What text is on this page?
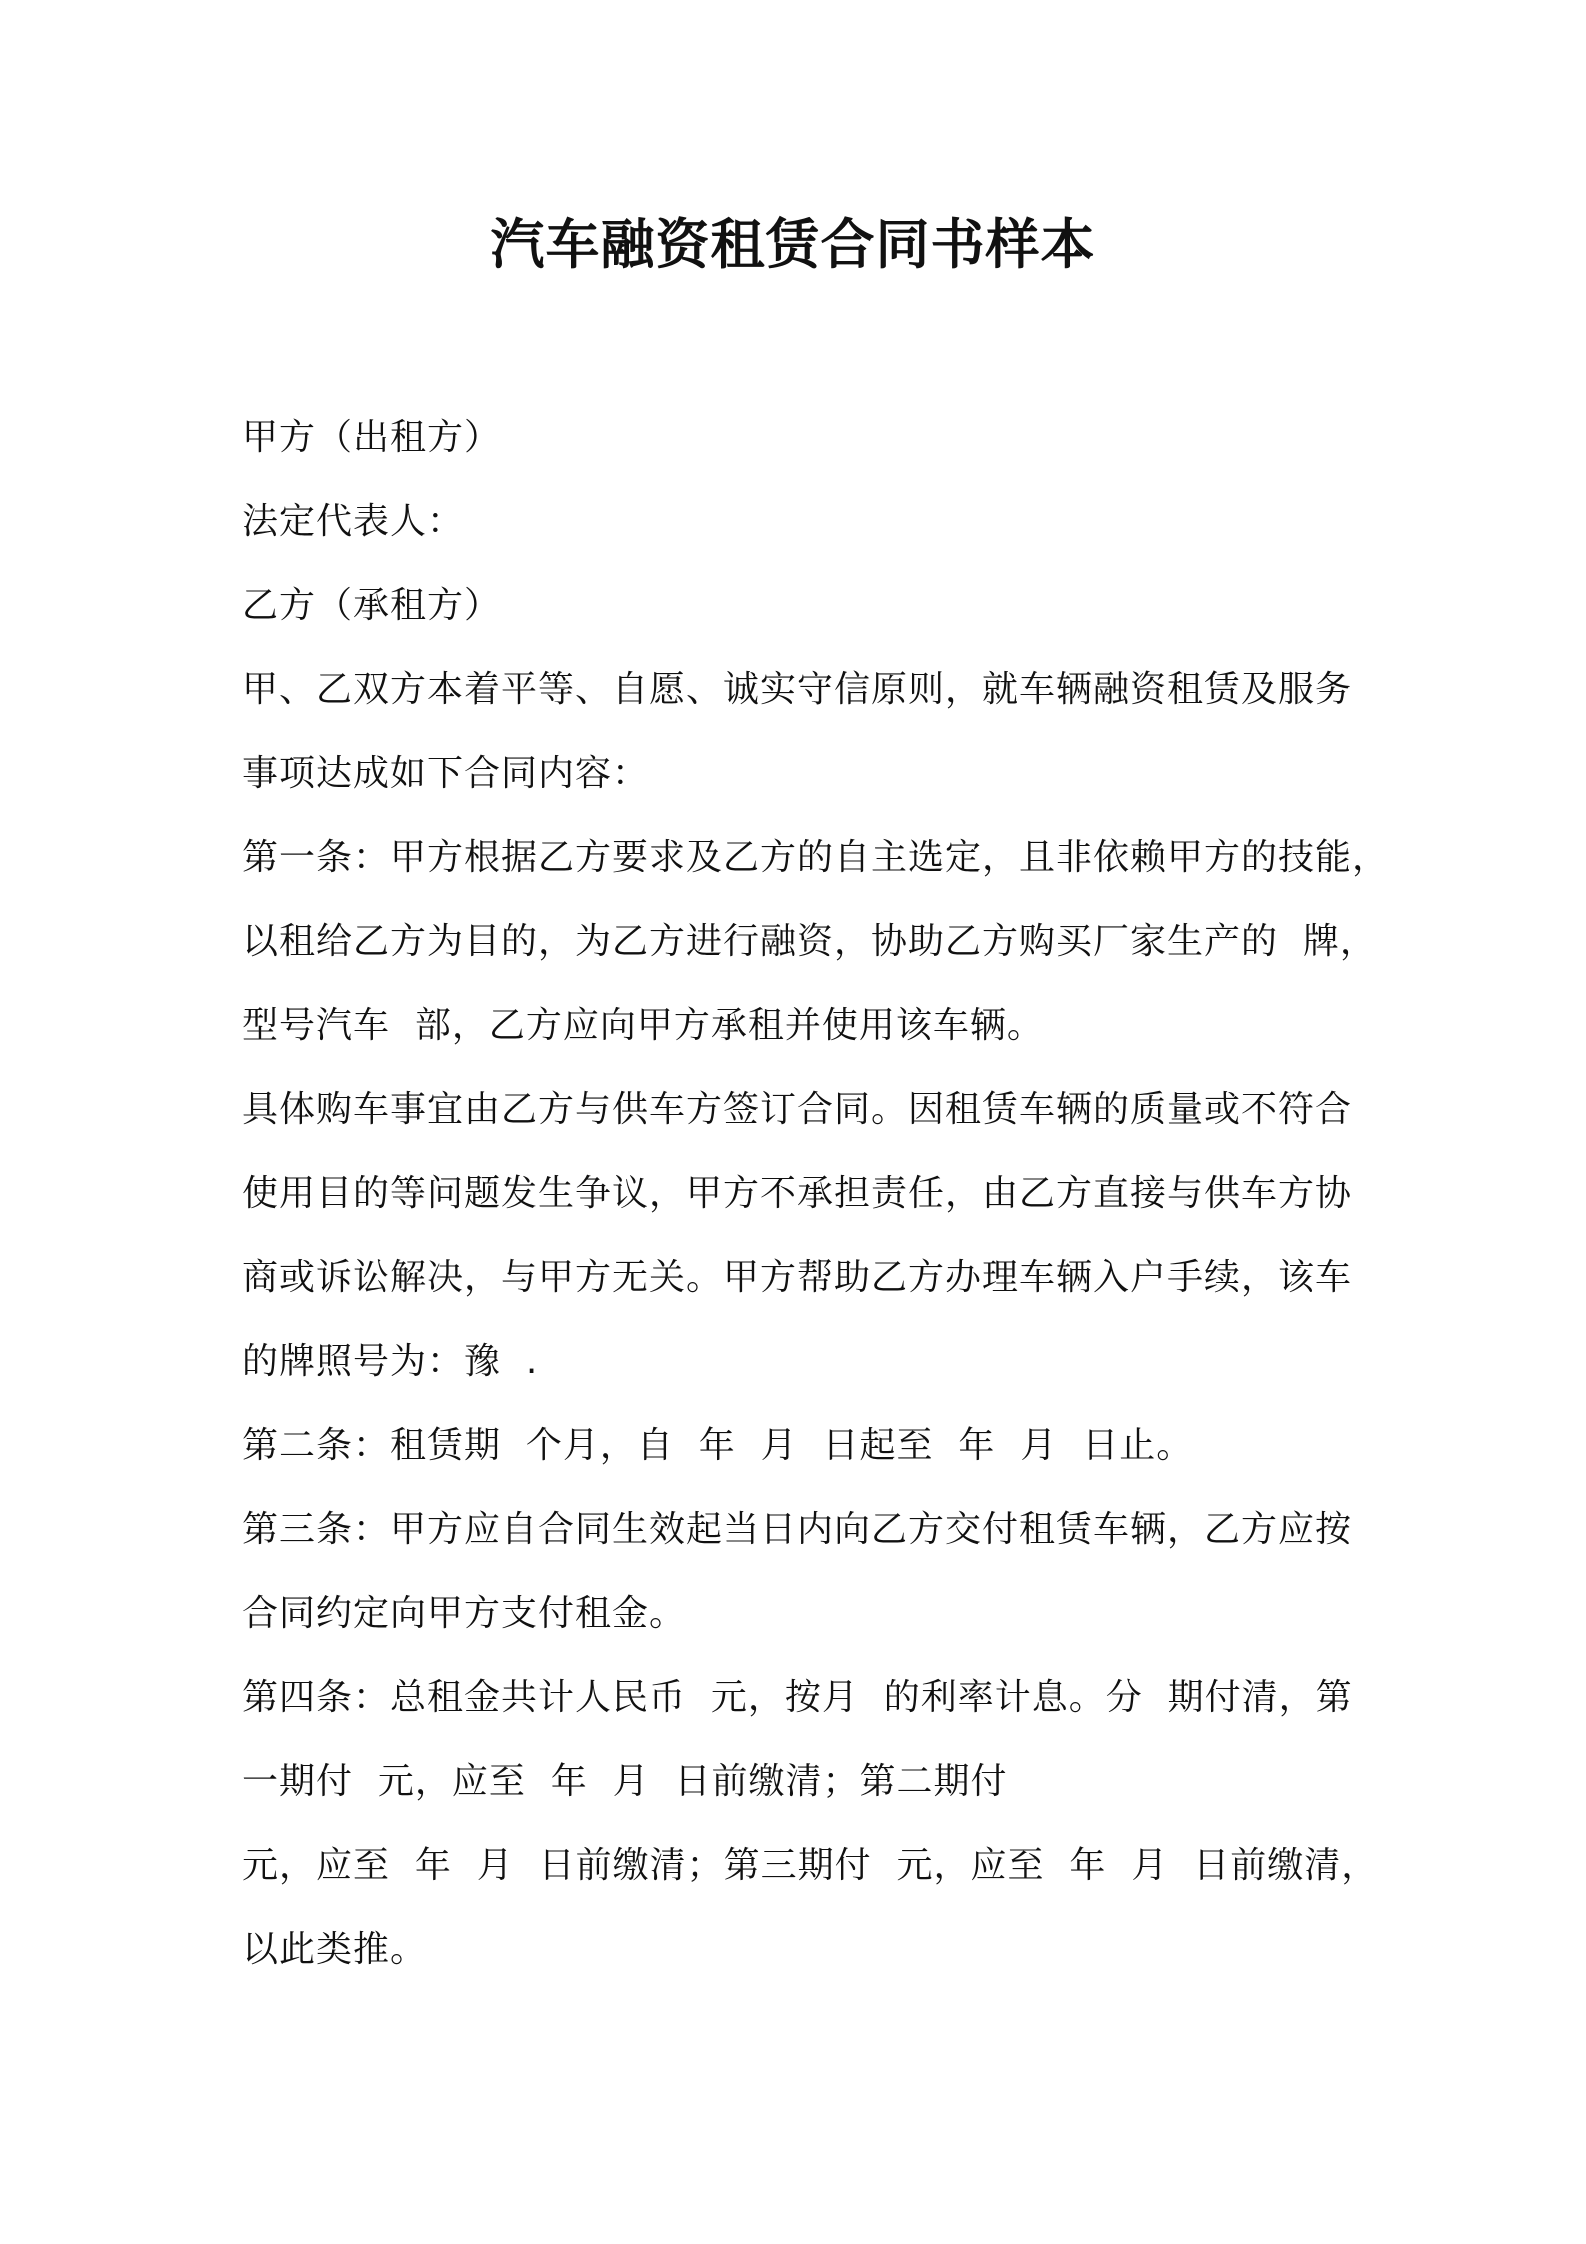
汽车融资租赁合同书样本
甲方（出租方）
法定代表人：
乙方（承租方）
甲、乙双方本着平等、自愿、诚实守信原则，就车辆融资租赁及服务
事项达成如下合同内容：
第一条：甲方根据乙方要求及乙方的自主选定，且非依赖甲方的技能，
以租给乙方为目的，为乙方进行融资，协助乙方购买厂家生产的  牌，
型号汽车  部，乙方应向甲方承租并使用该车辆。
具体购车事宜由乙方与供车方签订合同。因租赁车辆的质量或不符合
使用目的等问题发生争议，甲方不承担责任，由乙方直接与供车方协
商或诉讼解决，与甲方无关。甲方帮助乙方办理车辆入户手续，该车
的牌照号为：豫  .
第二条：租赁期  个月，自  年  月  日起至  年  月  日止。
第三条：甲方应自合同生效起当日内向乙方交付租赁车辆，乙方应按
合同约定向甲方支付租金。
第四条：总租金共计人民币  元，按月  的利率计息。分  期付清，第
一期付  元，应至  年  月  日前缴清；第二期付
元，应至  年  月  日前缴清；第三期付  元，应至  年  月  日前缴清，
以此类推。
